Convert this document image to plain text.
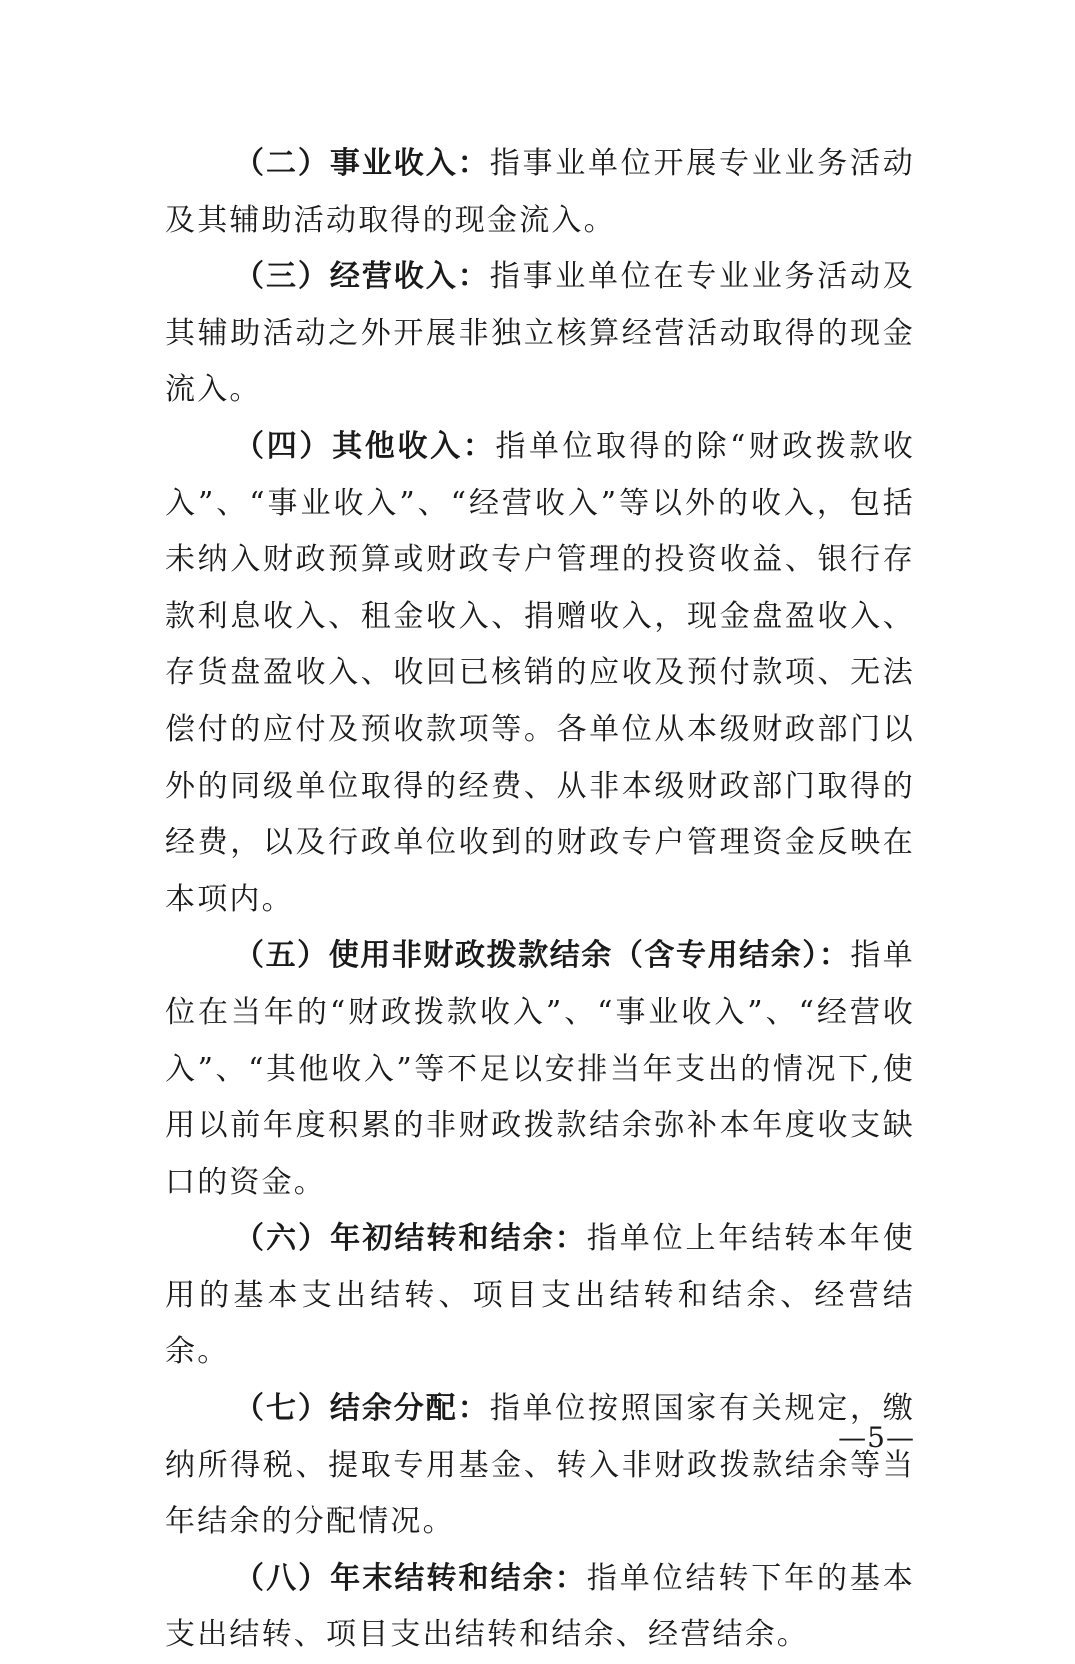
（二）事业收入：指事业单位开展专业业务活动及其辅助活动取得的现金流入。

（三）经营收入：指事业单位在专业业务活动及其辅助活动之外开展非独立核算经营活动取得的现金流入。

（四）其他收入：指单位取得的除“财政拨款收入”、“事业收入”、“经营收入”等以外的收入，包括未纳入财政预算或财政专户管理的投资收益、银行存款利息收入、租金收入、捐赠收入，现金盘盈收入、存货盘盈收入、收回已核销的应收及预付款项、无法偿付的应付及预收款项等。各单位从本级财政部门以外的同级单位取得的经费、从非本级财政部门取得的经费，以及行政单位收到的财政专户管理资金反映在本项内。

（五）使用非财政拨款结余（含专用结余）：指单位在当年的“财政拨款收入”、“事业收入”、“经营收入”、“其他收入”等不足以安排当年支出的情况下,使用以前年度积累的非财政拨款结余弥补本年度收支缺口的资金。

（六）年初结转和结余：指单位上年结转本年使用的基本支出结转、项目支出结转和结余、经营结余。

（七）结余分配：指单位按照国家有关规定，缴纳所得税、提取专用基金、转入非财政拨款结余等当年结余的分配情况。

（八）年末结转和结余：指单位结转下年的基本支出结转、项目支出结转和结余、经营结余。

—5—
